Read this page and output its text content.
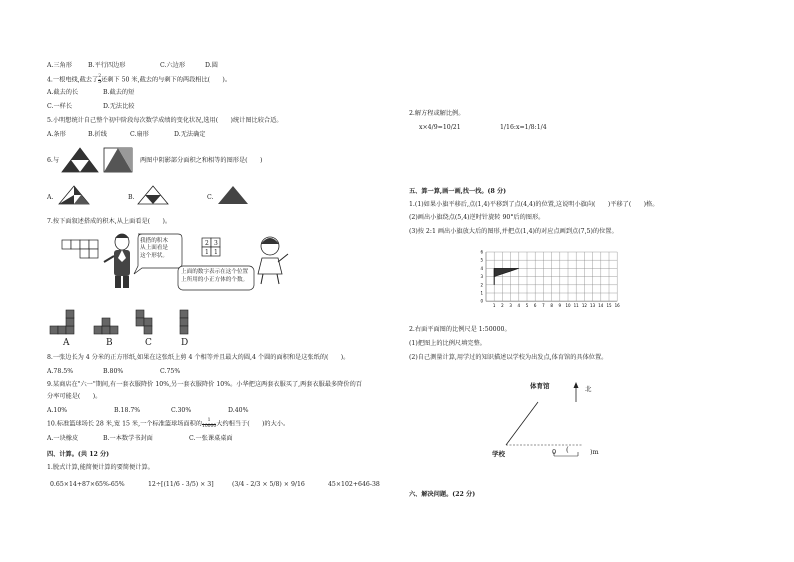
A.三角形	B.平行四边形	C.六边形	D.圆
4.一根电线,截去了 $\frac{2}{5}$ 还剩下 50 米,截去的与剩下的两段相比(　　)。
A.截去的长	B.截去的短
C.一样长	D.无法比较
5.小明想统计自己整个初中阶段每次数学成绩的变化状况,选用(　　)统计图比较合适。
A.条形	B.折线	C.扇形	D.无法确定
6.与	两图中阴影部分面积之和相等的图形是(　　)
A.	B.	C.
7.按下面叙述搭成的积木,从上面看是(　　)。
我搭的积木
从上面看是
这个形状。
2 3
1 1
上面的数字表示在这个位置
上所用的小正方体的个数。
A	B	C	D
8.一张边长为 4 分米的正方形纸,如果在这张纸上剪 4 个相等并且最大的圆,4 个圆的面积和是这张纸的(　　)。
A.78.5%	B.80%	C.75%
9.某商店在"六一"期间,有一套衣服降价 10%,另一套衣服降价 10%。小华把这两套衣服买了,两套衣服最多降价的百
分率可能是(　　)。
A.10%	B.18.7%	C.30%	D.40%
10.标准篮球场长 28 米,宽 15 米,一个标准篮球场面积的 $\frac{1}{10000}$ 大约相当于(　　)的大小。
A.一块橡皮	B.一本数学书封面	C.一张课桌桌面
四、计算。(共 12 分)
1.脱式计算,能简便计算的要简便计算。
0.65×14+87×65%-65%	12÷[(11/6 - 3/5) × 3]	(3/4 - 2/3 × 5/8) × 9/16	45×102+646-38
2.解方程或解比例。
x×4/9=10/21	1/16:x=1/8:1/4
五、算一算,画一画,找一找。(8 分)
1.(1)如果小旗平移后,点(1,4)平移到了点(4,4)的位置,这说明小旗向(　　)平移了(　　)格。
(2)画出小旗绕点(5,4)逆时针旋转 90°后的图形。
(3)按 2:1 画出小旗放大后的图形,并把点(1,4)的对应点画到点(7,5)的位置。
6
5
4
3
2
1
0
1 2 3 4 5 6 7 8 9 10 11 12 13 14 15 16
2.右面平面图的比例尺是 1:50000。
(1)把图上的比例尺填完整。
(2)自己测量计算,用学过的知识描述以学校为出发点,体育馆的具体位置。
体育馆	北
学校	0 (	)m
六、解决问题。(22 分)
